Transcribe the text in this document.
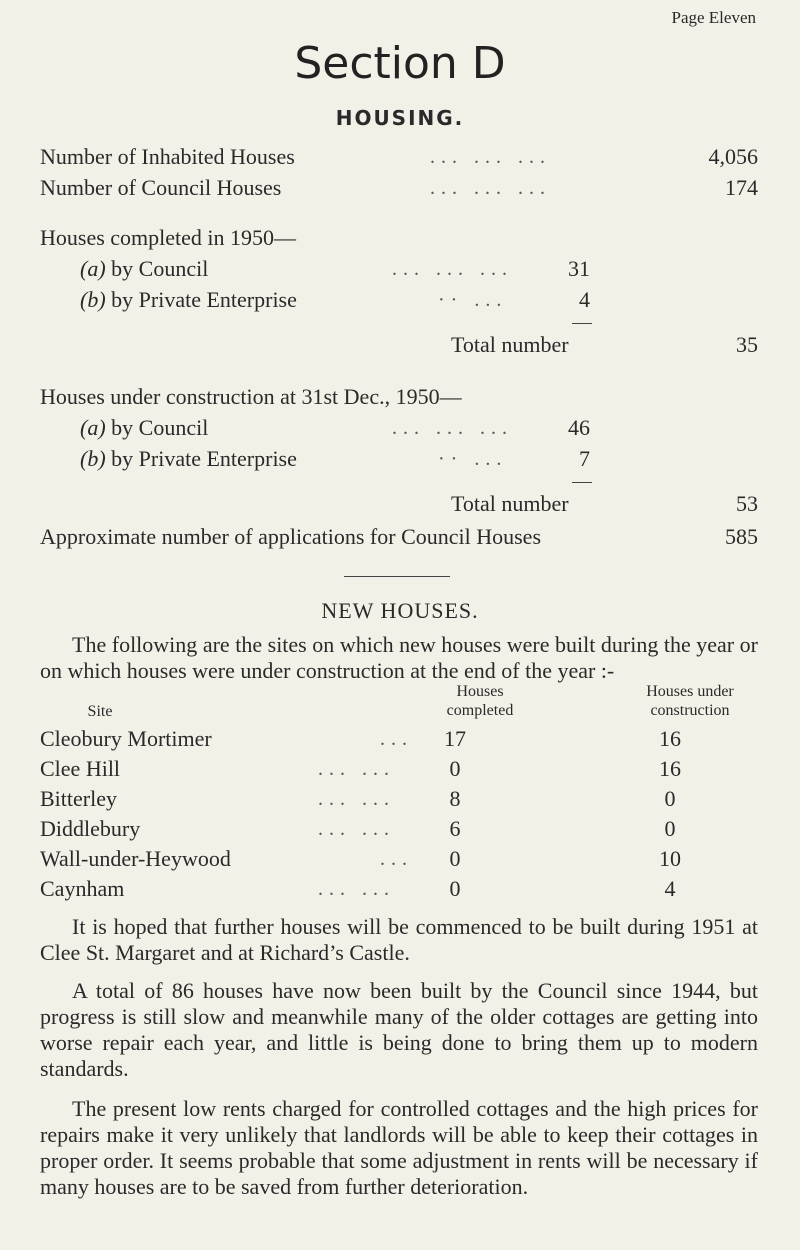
Page Eleven
Section D
HOUSING.
Number of Inhabited Houses	... ... ...	4,056
Number of Council Houses	... ... ...	174
Houses completed in 1950—
(a) by Council	... ... ...	31
(b) by Private Enterprise	·· ...	4
Total number	35
Houses under construction at 31st Dec., 1950—
(a) by Council	... ... ...	46
(b) by Private Enterprise	·· ...	7
Total number	53
Approximate number of applications for Council Houses	585
NEW HOUSES.
The following are the sites on which new houses were built during the year or on which houses were under construction at the end of the year :-
Site
Houses
completed
Houses under
construction
Cleobury Mortimer	...	17	16
Clee Hill	... ...	0	16
Bitterley	... ...	8	0
Diddlebury	... ...	6	0
Wall-under-Heywood	...	0	10
Caynham	... ...	0	4
It is hoped that further houses will be commenced to be built during 1951 at Clee St. Margaret and at Richard’s Castle.
A total of 86 houses have now been built by the Council since 1944, but progress is still slow and meanwhile many of the older cottages are getting into worse repair each year, and little is being done to bring them up to modern standards.
The present low rents charged for controlled cottages and the high prices for repairs make it very unlikely that landlords will be able to keep their cottages in proper order. It seems probable that some adjustment in rents will be necessary if many houses are to be saved from further deterioration.
